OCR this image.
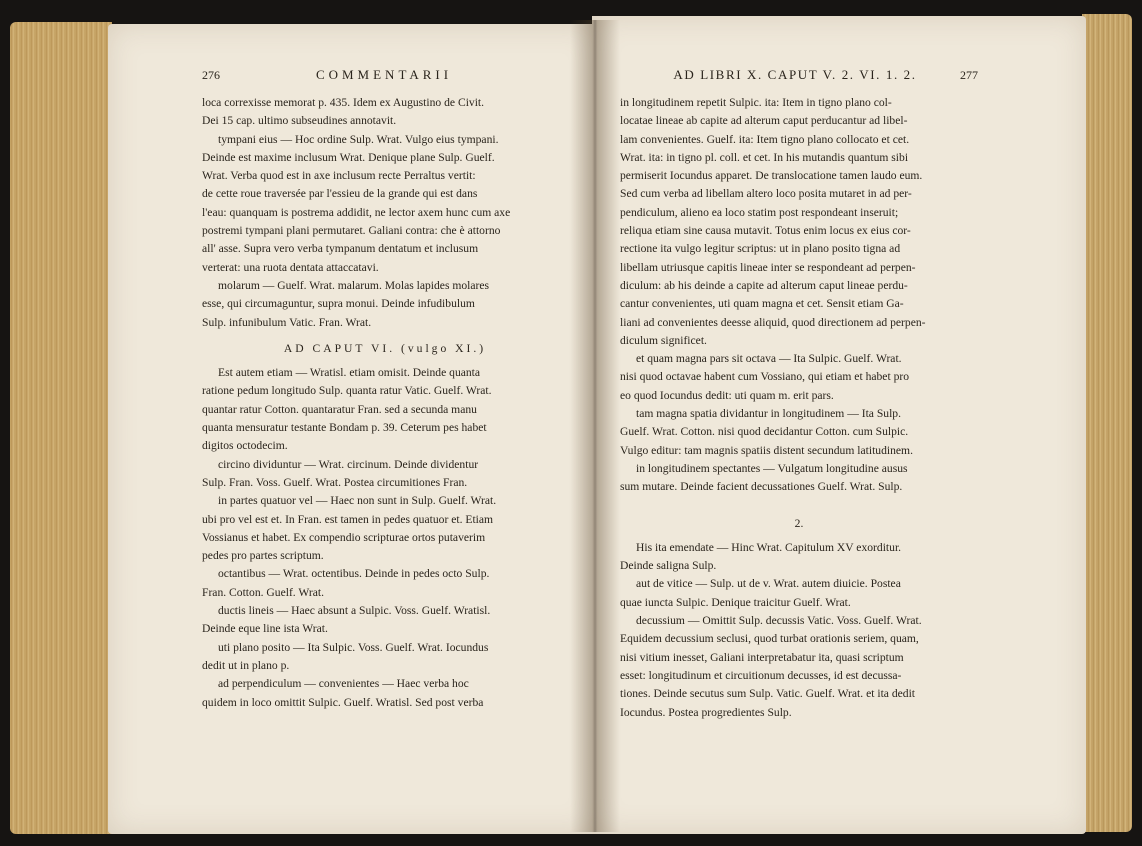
276	COMMENTARII

loca correxisse memorat p. 435. Idem ex Augustino de Civit.

Dei 15 cap. ultimo subseudines annotavit.

tympani eius — Hoc ordine Sulp. Wrat. Vulgo eius tympani.

Deinde est maxime inclusum Wrat. Denique plane Sulp. Guelf.

Wrat. Verba quod est in axe inclusum recte Perraltus vertit:

de cette roue traversée par l'essieu de la grande qui est dans

l'eau: quanquam is postrema addidit, ne lector axem hunc cum axe

postremi tympani plani permutaret. Galiani contra: che è attorno

all' asse. Supra vero verba tympanum dentatum et inclusum

verterat: una ruota dentata attaccatavi.

molarum — Guelf. Wrat. malarum. Molas lapides molares

esse, qui circumaguntur, supra monui. Deinde infudibulum

Sulp. infunibulum Vatic. Fran. Wrat.

AD CAPUT VI. (vulgo XI.)

Est autem etiam — Wratisl. etiam omisit. Deinde quanta

ratione pedum longitudo Sulp. quanta ratur Vatic. Guelf. Wrat.

quantar ratur Cotton. quantaratur Fran. sed a secunda manu

quanta mensuratur testante Bondam p. 39. Ceterum pes habet

digitos octodecim.

circino dividuntur — Wrat. circinum. Deinde dividentur

Sulp. Fran. Voss. Guelf. Wrat. Postea circumitiones Fran.

in partes quatuor vel — Haec non sunt in Sulp. Guelf. Wrat.

ubi pro vel est et. In Fran. est tamen in pedes quatuor et. Etiam

Vossianus et habet. Ex compendio scripturae ortos putaverim

pedes pro partes scriptum.

octantibus — Wrat. octentibus. Deinde in pedes octo Sulp.

Fran. Cotton. Guelf. Wrat.

ductis lineis — Haec absunt a Sulpic. Voss. Guelf. Wratisl.

Deinde eque line ista Wrat.

uti plano posito — Ita Sulpic. Voss. Guelf. Wrat. Iocundus

dedit ut in plano p.

ad perpendiculum — convenientes — Haec verba hoc

quidem in loco omittit Sulpic. Guelf. Wratisl. Sed post verba

AD LIBRI X. CAPUT V. 2. VI. 1. 2.	277

in longitudinem repetit Sulpic. ita: Item in tigno plano col-

locatae lineae ab capite ad alterum caput perducantur ad libel-

lam convenientes. Guelf. ita: Item tigno plano collocato et cet.

Wrat. ita: in tigno pl. coll. et cet. In his mutandis quantum sibi

permiserit Iocundus apparet. De translocatione tamen laudo eum.

Sed cum verba ad libellam altero loco posita mutaret in ad per-

pendiculum, alieno ea loco statim post respondeant inseruit;

reliqua etiam sine causa mutavit. Totus enim locus ex eius cor-

rectione ita vulgo legitur scriptus: ut in plano posito tigna ad

libellam utriusque capitis lineae inter se respondeant ad perpen-

diculum: ab his deinde a capite ad alterum caput lineae perdu-

cantur convenientes, uti quam magna et cet. Sensit etiam Ga-

liani ad convenientes deesse aliquid, quod directionem ad perpen-

diculum significet.

et quam magna pars sit octava — Ita Sulpic. Guelf. Wrat.

nisi quod octavae habent cum Vossiano, qui etiam et habet pro

eo quod Iocundus dedit: uti quam m. erit pars.

tam magna spatia dividantur in longitudinem — Ita Sulp.

Guelf. Wrat. Cotton. nisi quod decidantur Cotton. cum Sulpic.

Vulgo editur: tam magnis spatiis distent secundum latitudinem.

in longitudinem spectantes — Vulgatum longitudine ausus

sum mutare. Deinde facient decussationes Guelf. Wrat. Sulp.

2.

His ita emendate — Hinc Wrat. Capitulum XV exorditur.

Deinde saligna Sulp.

aut de vitice — Sulp. ut de v. Wrat. autem diuicie. Postea

quae iuncta Sulpic. Denique traicitur Guelf. Wrat.

decussium — Omittit Sulp. decussis Vatic. Voss. Guelf. Wrat.

Equidem decussium seclusi, quod turbat orationis seriem, quam,

nisi vitium inesset, Galiani interpretabatur ita, quasi scriptum

esset: longitudinum et circuitionum decusses, id est decussa-

tiones. Deinde secutus sum Sulp. Vatic. Guelf. Wrat. et ita dedit

Iocundus. Postea progredientes Sulp.
